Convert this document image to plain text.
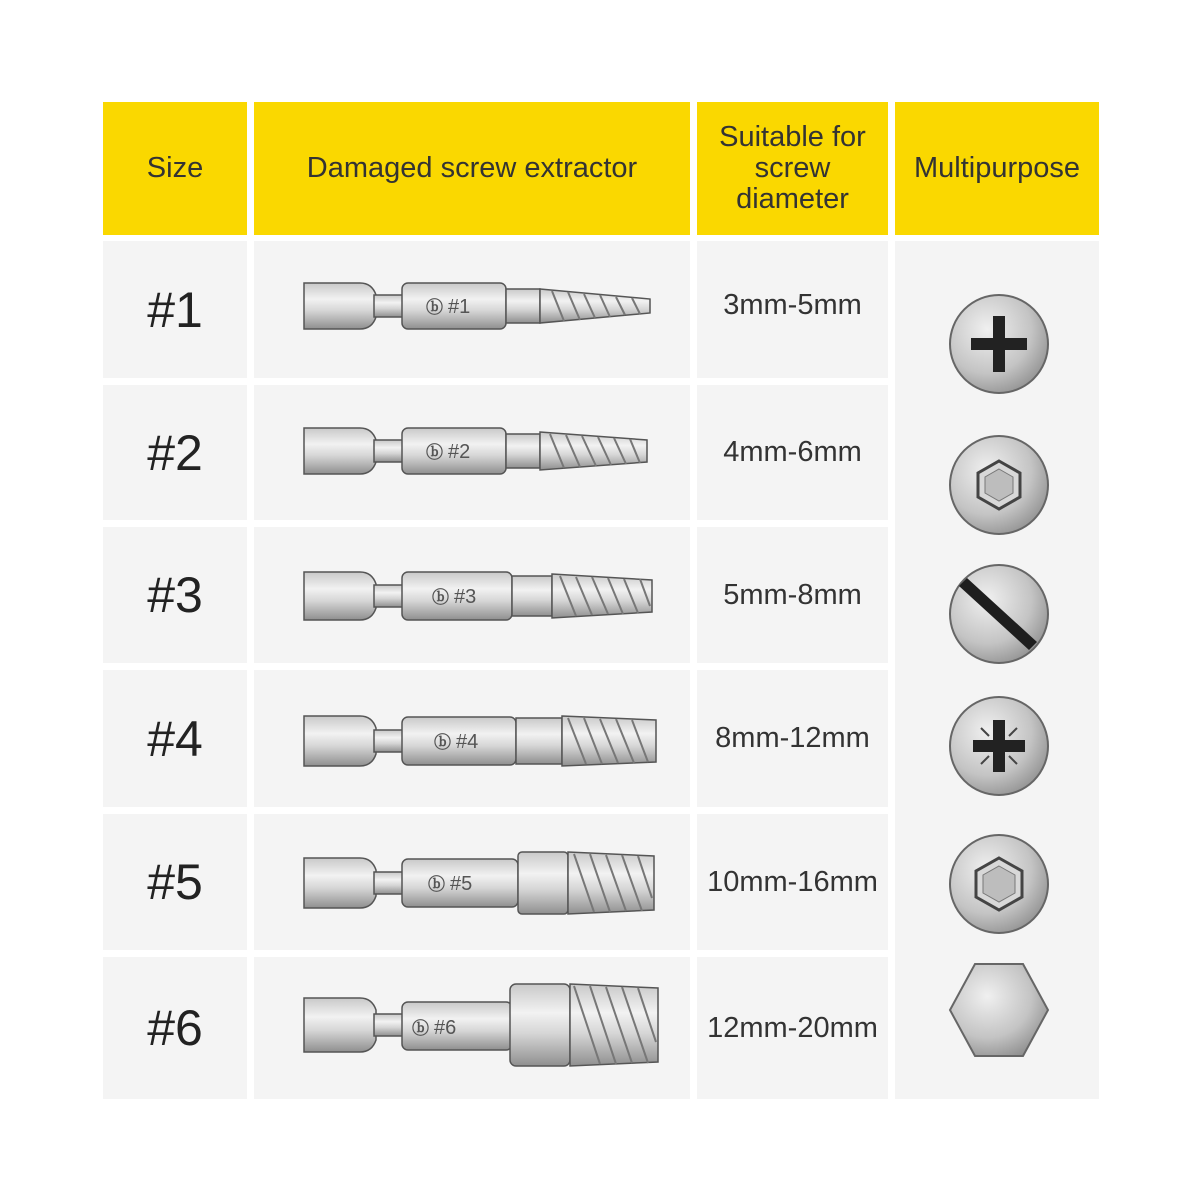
Size	Damaged screw extractor
Suitable for
screw
diameter
Multipurpose
#1
#2
#3
#4
#5
#6
3mm-5mm
4mm-6mm
5mm-8mm
8mm-12mm
10mm-16mm
12mm-20mm
ⓑ #1
ⓑ #2
ⓑ #3
ⓑ #4
ⓑ #5
ⓑ #6
